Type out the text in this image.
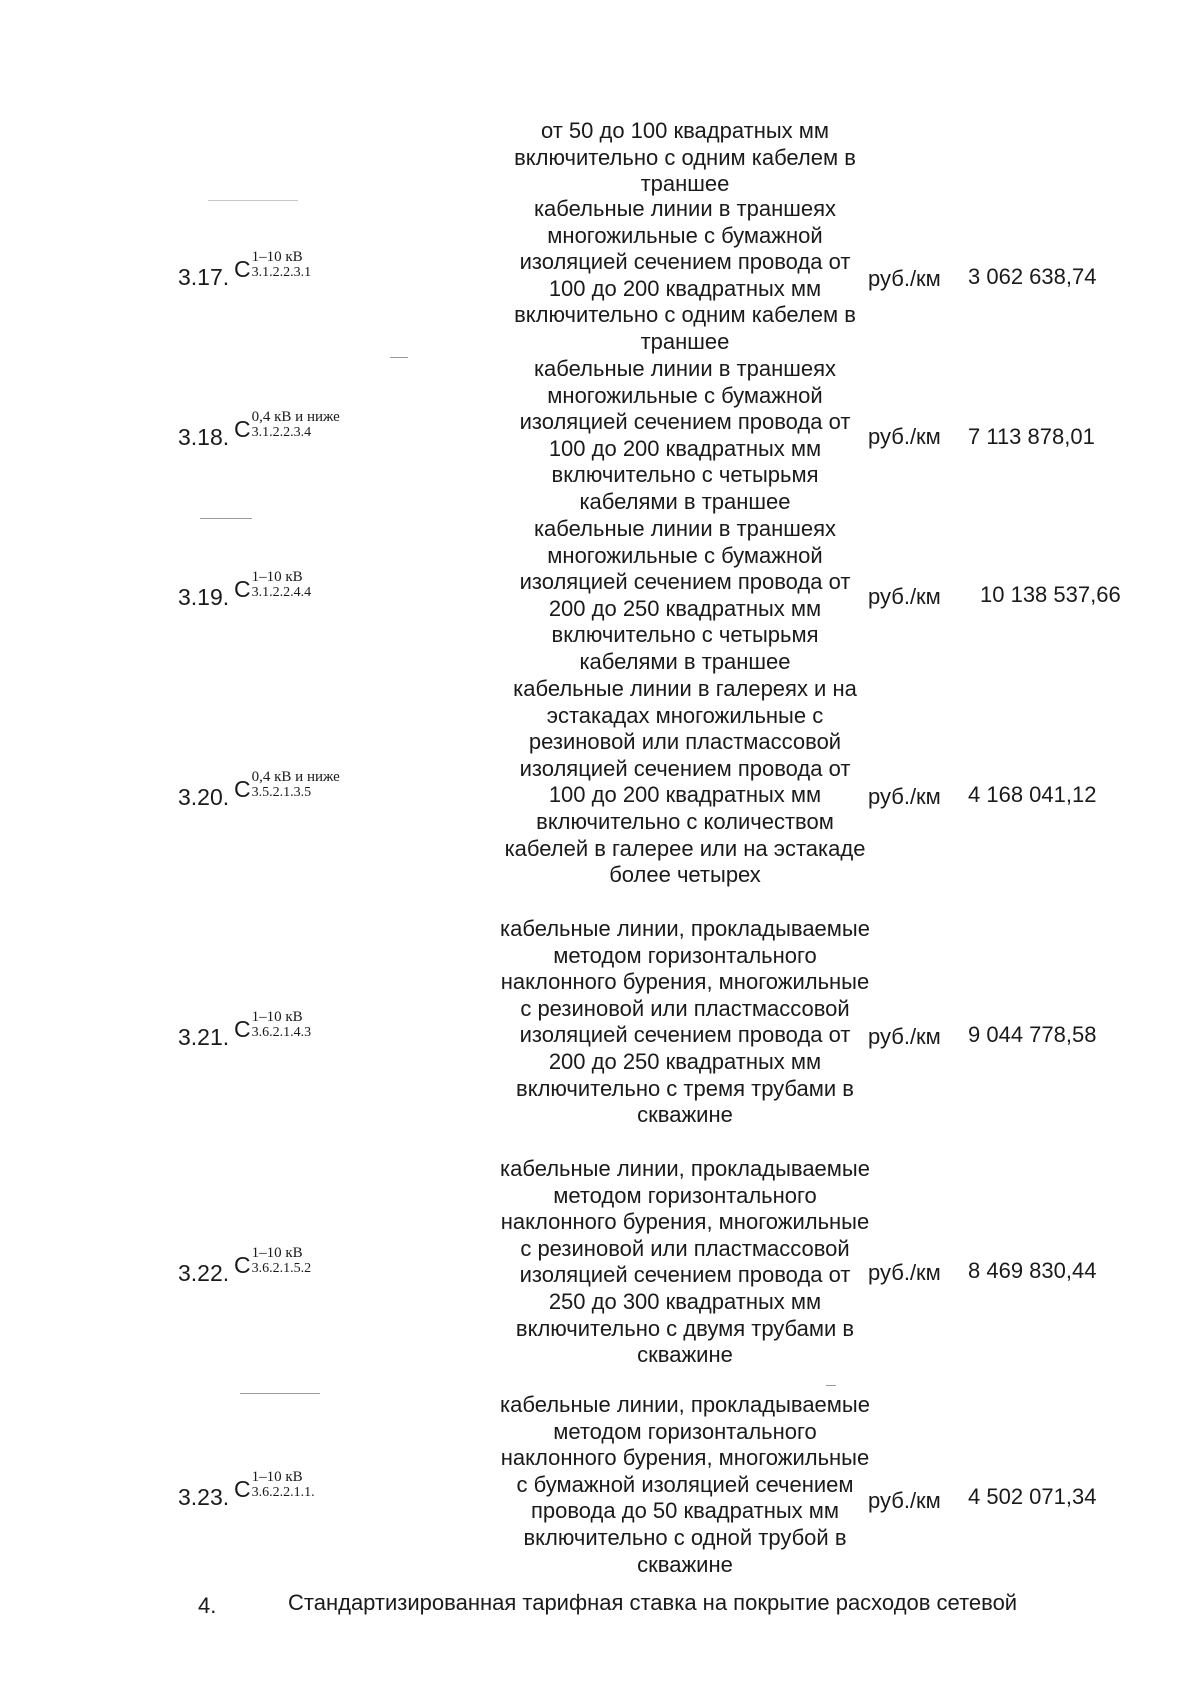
от 50 до 100 квадратных мм включительно с одним кабелем в траншее
3.17. С 1–10 кВ
3.1.2.2.3.1
кабельные линии в траншеях многожильные с бумажной изоляцией сечением провода от 100 до 200 квадратных мм включительно с одним кабелем в траншее
руб./км 3 062 638,74
3.18. С 0,4 кВ и ниже
3.1.2.2.3.4
кабельные линии в траншеях многожильные с бумажной изоляцией сечением провода от 100 до 200 квадратных мм включительно с четырьмя кабелями в траншее
руб./км 7 113 878,01
3.19. С 1–10 кВ
3.1.2.2.4.4
кабельные линии в траншеях многожильные с бумажной изоляцией сечением провода от 200 до 250 квадратных мм включительно с четырьмя кабелями в траншее
руб./км 10 138 537,66
3.20. С 0,4 кВ и ниже
3.5.2.1.3.5
кабельные линии в галереях и на эстакадах многожильные с резиновой или пластмассовой изоляцией сечением провода от 100 до 200 квадратных мм включительно с количеством кабелей в галерее или на эстакаде более четырех
руб./км 4 168 041,12
3.21. С 1–10 кВ
3.6.2.1.4.3
кабельные линии, прокладываемые методом горизонтального наклонного бурения, многожильные с резиновой или пластмассовой изоляцией сечением провода от 200 до 250 квадратных мм включительно с тремя трубами в скважине
руб./км 9 044 778,58
3.22. С 1–10 кВ
3.6.2.1.5.2
кабельные линии, прокладываемые методом горизонтального наклонного бурения, многожильные с резиновой или пластмассовой изоляцией сечением провода от 250 до 300 квадратных мм включительно с двумя трубами в скважине
руб./км 8 469 830,44
3.23. С 1–10 кВ
3.6.2.2.1.1.
кабельные линии, прокладываемые методом горизонтального наклонного бурения, многожильные с бумажной изоляцией сечением провода до 50 квадратных мм включительно с одной трубой в скважине
руб./км 4 502 071,34
4.	Стандартизированная тарифная ставка на покрытие расходов сетевой
